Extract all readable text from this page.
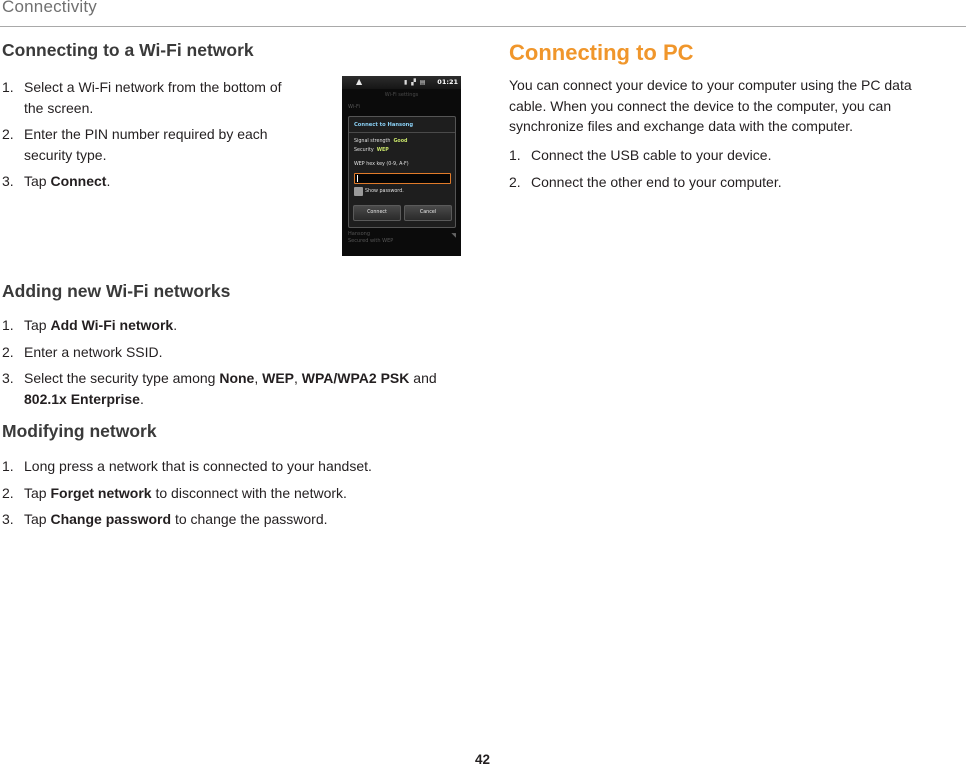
Connectivity
Connecting to a Wi-Fi network
1. Select a Wi-Fi network from the bottom of the screen.
2. Enter the PIN number required by each security type.
3. Tap Connect.
▲	▮ ▞ ▤ 01:21
Wi-Fi settings
Wi-Fi
Connect to Hansong
Signal strength Good
Security WEP
WEP hex key (0-9, A-F)
Show password.
Connect	Cancel
Hansong
Secured with WEP
◥
Adding new Wi-Fi networks
1. Tap Add Wi-Fi network.
2. Enter a network SSID.
3. Select the security type among None, WEP, WPA/WPA2 PSK and 802.1x Enterprise.
Modifying network
1. Long press a network that is connected to your handset.
2. Tap Forget network to disconnect with the network.
3. Tap Change password to change the password.
Connecting to PC

You can connect your device to your computer using the PC data cable. When you connect the device to the computer, you can synchronize files and exchange data with the computer.

1. Connect the USB cable to your device.
2. Connect the other end to your computer.
42
